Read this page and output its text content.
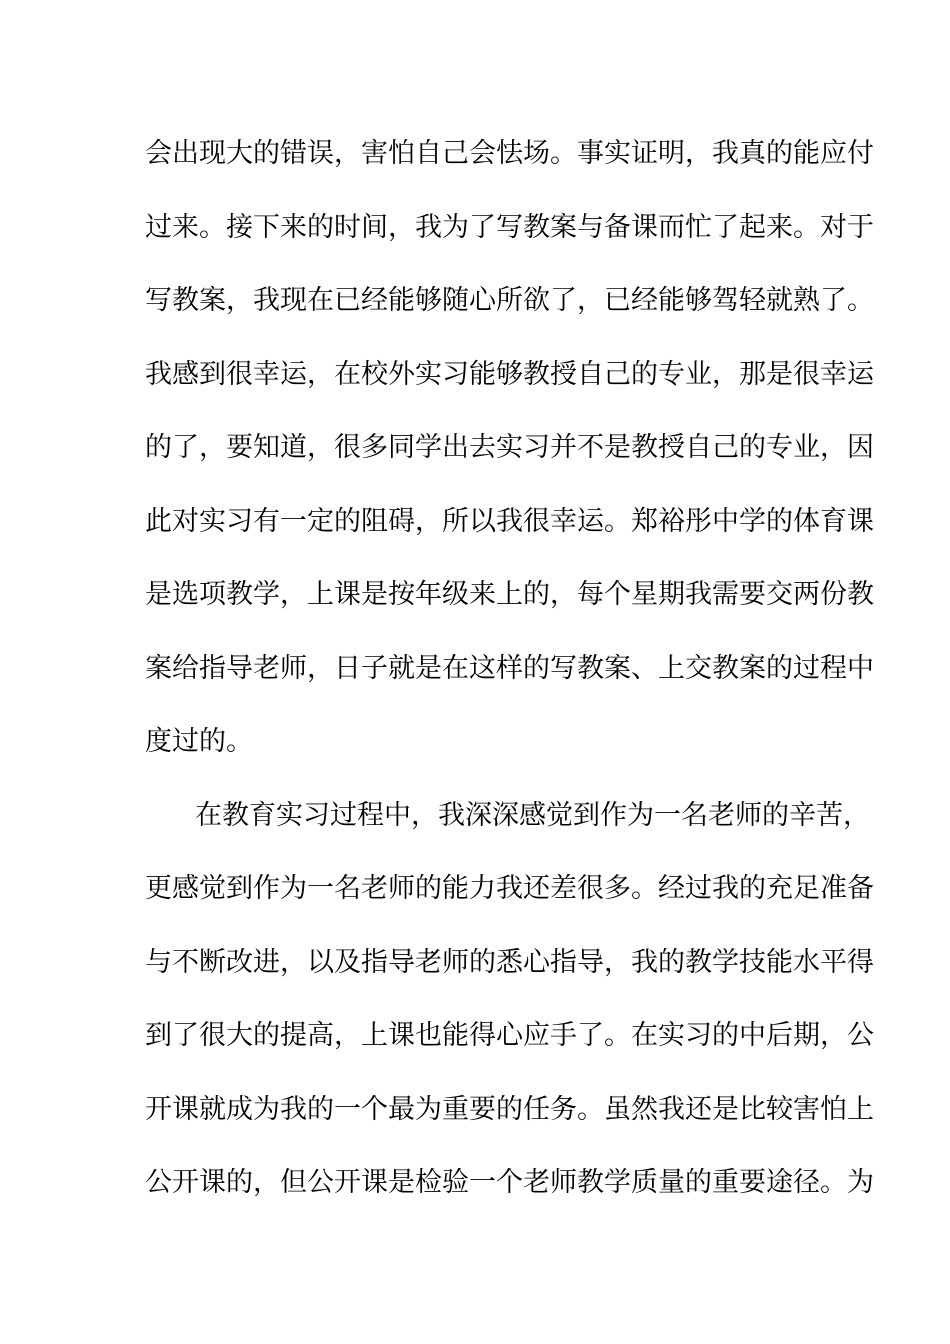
会出现大的错误，害怕自己会怯场。事实证明，我真的能应付
过来。接下来的时间，我为了写教案与备课而忙了起来。对于
写教案，我现在已经能够随心所欲了，已经能够驾轻就熟了。
我感到很幸运，在校外实习能够教授自己的专业，那是很幸运
的了，要知道，很多同学出去实习并不是教授自己的专业，因
此对实习有一定的阻碍，所以我很幸运。郑裕彤中学的体育课
是选项教学，上课是按年级来上的，每个星期我需要交两份教
案给指导老师，日子就是在这样的写教案、上交教案的过程中
度过的。
在教育实习过程中，我深深感觉到作为一名老师的辛苦，
更感觉到作为一名老师的能力我还差很多。经过我的充足准备
与不断改进，以及指导老师的悉心指导，我的教学技能水平得
到了很大的提高，上课也能得心应手了。在实习的中后期，公
开课就成为我的一个最为重要的任务。虽然我还是比较害怕上
公开课的，但公开课是检验一个老师教学质量的重要途径。为
